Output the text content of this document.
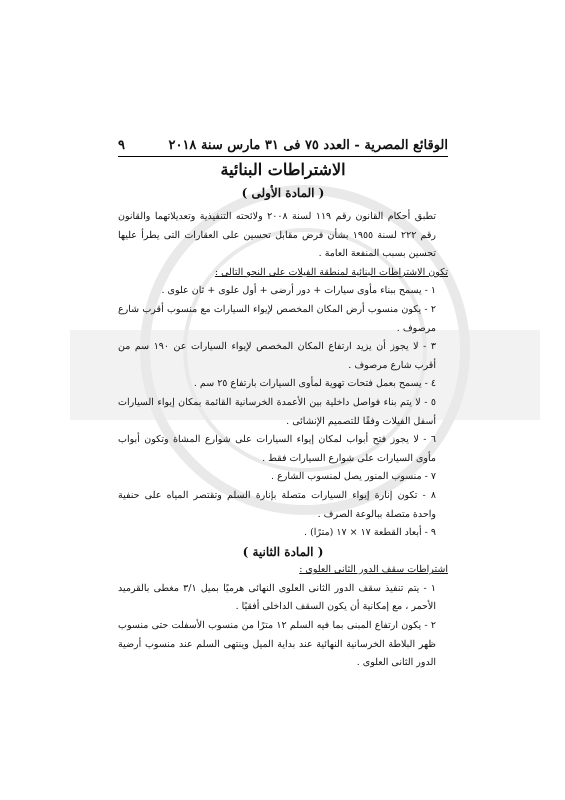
الوقائع المصرية - العدد ٧٥ فى ٣١ مارس سنة ٢٠١٨
٩
الاشتراطات البنائية
( المادة الأولى )

تطبق أحكام القانون رقم ١١٩ لسنة ٢٠٠٨ ولائحته التنفيذية وتعديلاتهما والقانون رقم ٢٢٢ لسنة ١٩٥٥ بشأن فرض مقابل تحسين على العقارات التى يطرأ عليها تحسين بسبب المنفعة العامة .

تكون الاشتراطات البنائية لمنطقة الفيلات على النحو التالى :

١ - يسمح ببناء مأوى سيارات + دور أرضى + أول علوى + ثان علوى .

٢ - يكون منسوب أرض المكان المخصص لإيواء السيارات مع منسوب أقرب شارع مرصوف .

٣ - لا يجوز أن يزيد ارتفاع المكان المخصص لإيواء السيارات عن ١٩٠ سم من أقرب شارع مرصوف .

٤ - يسمح بعمل فتحات تهوية لمأوى السيارات بارتفاع ٢٥ سم .

٥ - لا يتم بناء فواصل داخلية بين الأعمدة الخرسانية القائمة بمكان إيواء السيارات أسفل الفيلات وفقًا للتصميم الإنشائى .

٦ - لا يجوز فتح أبواب لمكان إيواء السيارات على شوارع المشاة وتكون أبواب مأوى السيارات على شوارع السيارات فقط .

٧ - منسوب المنور يصل لمنسوب الشارع .

٨ - تكون إنارة إيواء السيارات متصلة بإنارة السلم وتقتصر المياه على حنفية واحدة متصلة ببالوعة الصرف .

٩ - أبعاد القطعة ١٧ × ١٧ (مترًا) .

( المادة الثانية )

اشتراطات سقف الدور الثانى العلوى :

١ - يتم تنفيذ سقف الدور الثانى العلوى النهائى هرميًا بميل ٣/١ مغطى بالقرميد الأحمر ، مع إمكانية أن يكون السقف الداخلى أفقيًا .

٢ - يكون ارتفاع المبنى بما فيه السلم ١٢ مترًا من منسوب الأسفلت حتى منسوب ظهر البلاطة الخرسانية النهائية عند بداية الميل وينتهى السلم عند منسوب أرضية الدور الثانى العلوى .
